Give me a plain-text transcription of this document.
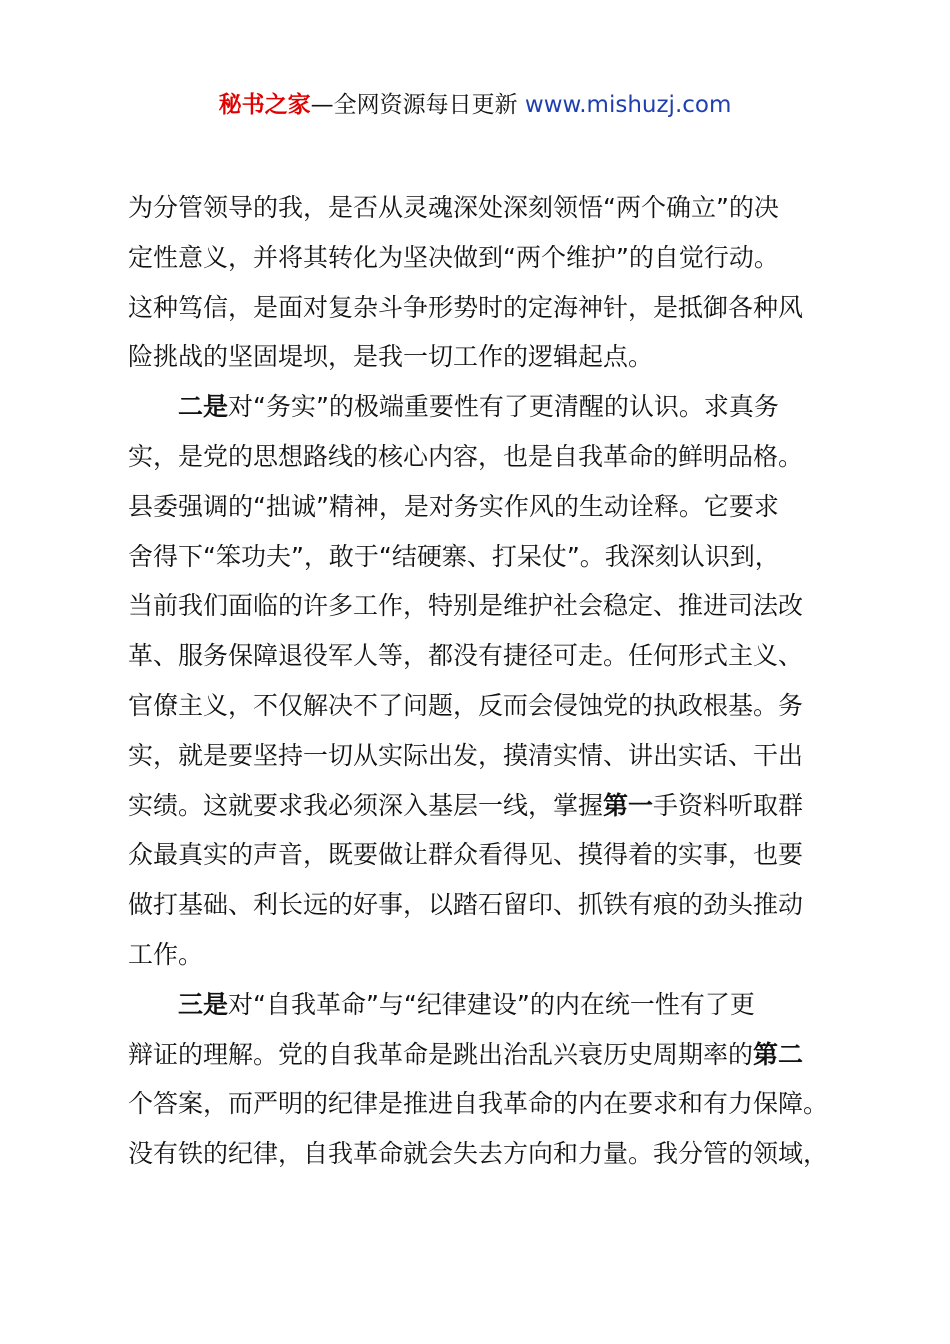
秘书之家—全网资源每日更新 www.mishuzj.com
为分管领导的我，是否从灵魂深处深刻领悟“两个确立”的决
定性意义，并将其转化为坚决做到“两个维护”的自觉行动。
这种笃信，是面对复杂斗争形势时的定海神针，是抵御各种风
险挑战的坚固堤坝，是我一切工作的逻辑起点。
二是对“务实”的极端重要性有了更清醒的认识。求真务
实，是党的思想路线的核心内容，也是自我革命的鲜明品格。
县委强调的“拙诚”精神，是对务实作风的生动诠释。它要求
舍得下“笨功夫”，敢于“结硬寨、打呆仗”。我深刻认识到，
当前我们面临的许多工作，特别是维护社会稳定、推进司法改
革、服务保障退役军人等，都没有捷径可走。任何形式主义、
官僚主义，不仅解决不了问题，反而会侵蚀党的执政根基。务
实，就是要坚持一切从实际出发，摸清实情、讲出实话、干出
实绩。这就要求我必须深入基层一线，掌握第一手资料听取群
众最真实的声音，既要做让群众看得见、摸得着的实事，也要
做打基础、利长远的好事，以踏石留印、抓铁有痕的劲头推动
工作。
三是对“自我革命”与“纪律建设”的内在统一性有了更
辩证的理解。党的自我革命是跳出治乱兴衰历史周期率的第二
个答案，而严明的纪律是推进自我革命的内在要求和有力保障。
没有铁的纪律，自我革命就会失去方向和力量。我分管的领域，
